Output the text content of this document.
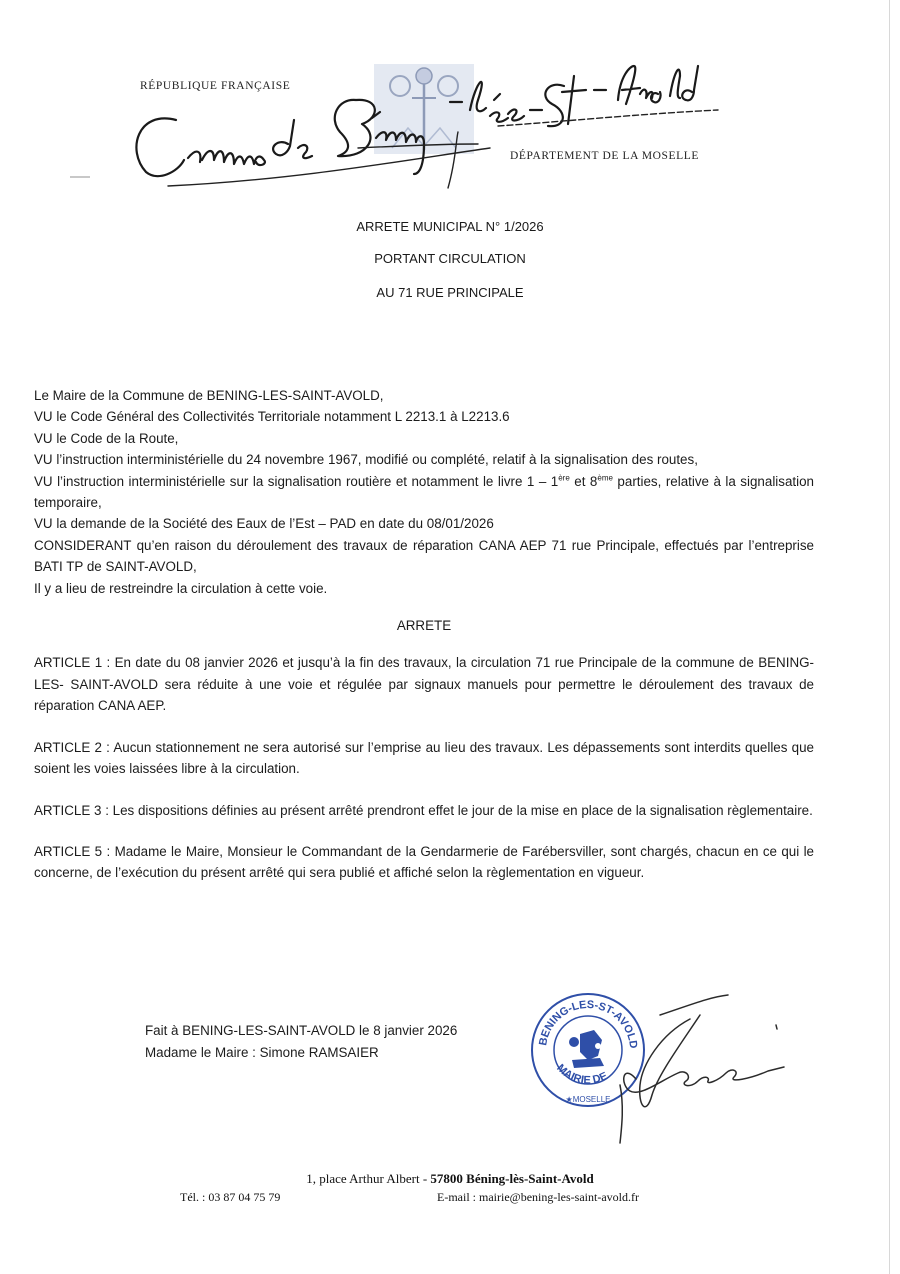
RÉPUBLIQUE FRANÇAISE
DÉPARTEMENT DE LA MOSELLE
ARRETE MUNICIPAL N° 1/2026
PORTANT CIRCULATION
AU 71 RUE PRINCIPALE

Le Maire de la Commune de BENING-LES-SAINT-AVOLD,

VU le Code Général des Collectivités Territoriale notamment L 2213.1 à L2213.6

VU le Code de la Route,

VU l’instruction interministérielle du 24 novembre 1967, modifié ou complété, relatif à la signalisation des routes,

VU l’instruction interministérielle sur la signalisation routière et notamment le livre 1 – 1ère et 8ème parties, relative à la signalisation temporaire,

VU la demande de la Société des Eaux de l’Est – PAD en date du 08/01/2026

CONSIDERANT qu’en raison du déroulement des travaux de réparation CANA AEP 71 rue Principale, effectués par l’entreprise BATI TP de SAINT-AVOLD,

Il y a lieu de restreindre la circulation à cette voie.

ARRETE

ARTICLE 1 : En date du 08 janvier 2026 et jusqu’à la fin des travaux, la circulation 71 rue Principale de la commune de BENING-LES- SAINT-AVOLD sera réduite à une voie et régulée par signaux manuels pour permettre le déroulement des travaux de réparation CANA AEP.

ARTICLE 2 : Aucun stationnement ne sera autorisé sur l’emprise au lieu des travaux. Les dépassements sont interdits quelles que soient les voies laissées libre à la circulation.

ARTICLE 3 : Les dispositions définies au présent arrêté prendront effet le jour de la mise en place de la signalisation règlementaire.

ARTICLE 5 : Madame le Maire, Monsieur le Commandant de la Gendarmerie de Farébersviller, sont chargés, chacun en ce qui le concerne, de l’exécution du présent arrêté qui sera publié et affiché selon la règlementation en vigueur.

Fait à BENING-LES-SAINT-AVOLD le 8 janvier 2026
Madame le Maire : Simone RAMSAIER
BENING-LES-ST-AVOLD
MAIRIE DE
★MOSELLE
1, place Arthur Albert - 57800 Béning-lès-Saint-Avold
Tél. : 03 87 04 75 79	E-mail : mairie@bening-les-saint-avold.fr
